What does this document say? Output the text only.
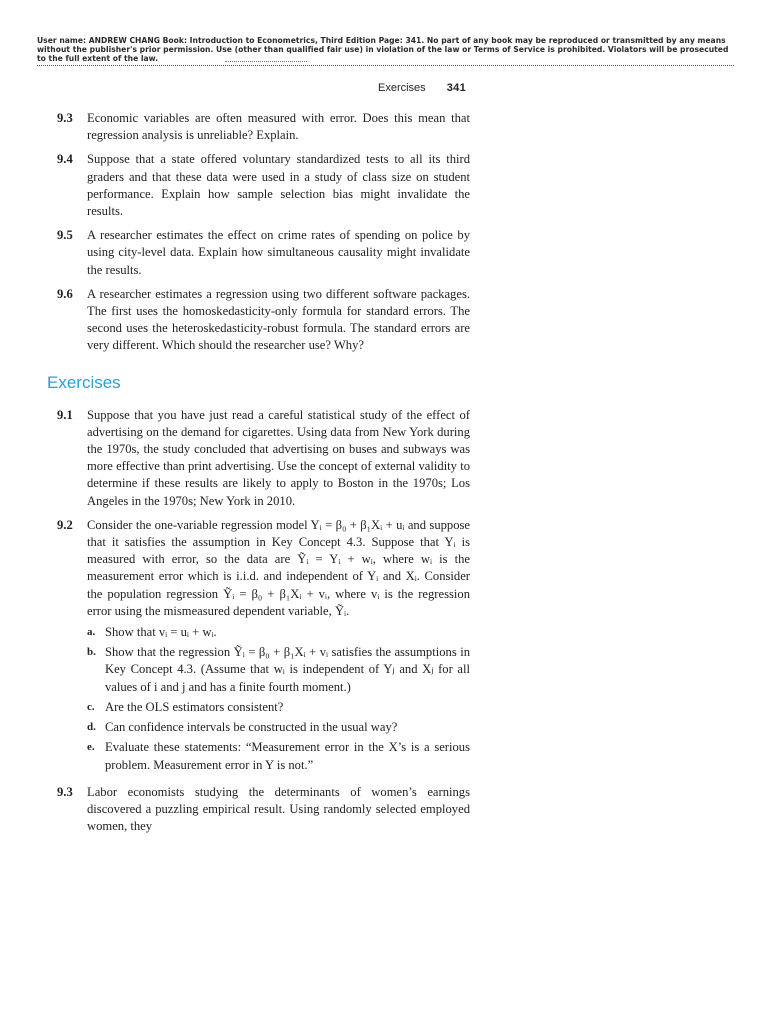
User name: ANDREW CHANG Book: Introduction to Econometrics, Third Edition Page: 341. No part of any book may be reproduced or transmitted by any means without the publisher's prior permission. Use (other than qualified fair use) in violation of the law or Terms of Service is prohibited. Violators will be prosecuted to the full extent of the law.
Exercises 341
9.3	Economic variables are often measured with error. Does this mean that regression analysis is unreliable? Explain.
9.4	Suppose that a state offered voluntary standardized tests to all its third graders and that these data were used in a study of class size on student performance. Explain how sample selection bias might invalidate the results.
9.5	A researcher estimates the effect on crime rates of spending on police by using city-level data. Explain how simultaneous causality might invalidate the results.
9.6	A researcher estimates a regression using two different software packages. The first uses the homoskedasticity-only formula for standard errors. The second uses the heteroskedasticity-robust formula. The standard errors are very different. Which should the researcher use? Why?
Exercises
9.1	Suppose that you have just read a careful statistical study of the effect of advertising on the demand for cigarettes. Using data from New York during the 1970s, the study concluded that advertising on buses and subways was more effective than print advertising. Use the concept of external validity to determine if these results are likely to apply to Boston in the 1970s; Los Angeles in the 1970s; New York in 2010.
9.2	Consider the one-variable regression model Yᵢ = β₀ + β₁Xᵢ + uᵢ and suppose that it satisfies the assumption in Key Concept 4.3. Suppose that Yᵢ is measured with error, so the data are Ỹᵢ = Yᵢ + wᵢ, where wᵢ is the measurement error which is i.i.d. and independent of Yᵢ and Xᵢ. Consider the population regression Ỹᵢ = β₀ + β₁Xᵢ + vᵢ, where vᵢ is the regression error using the mismeasured dependent variable, Ỹᵢ.
a. Show that vᵢ = uᵢ + wᵢ.
b. Show that the regression Ỹᵢ = β₀ + β₁Xᵢ + vᵢ satisfies the assumptions in Key Concept 4.3. (Assume that wᵢ is independent of Yⱼ and Xⱼ for all values of i and j and has a finite fourth moment.)
c. Are the OLS estimators consistent?
d. Can confidence intervals be constructed in the usual way?
e. Evaluate these statements: “Measurement error in the X’s is a serious problem. Measurement error in Y is not.”
9.3	Labor economists studying the determinants of women’s earnings discovered a puzzling empirical result. Using randomly selected employed women, they
